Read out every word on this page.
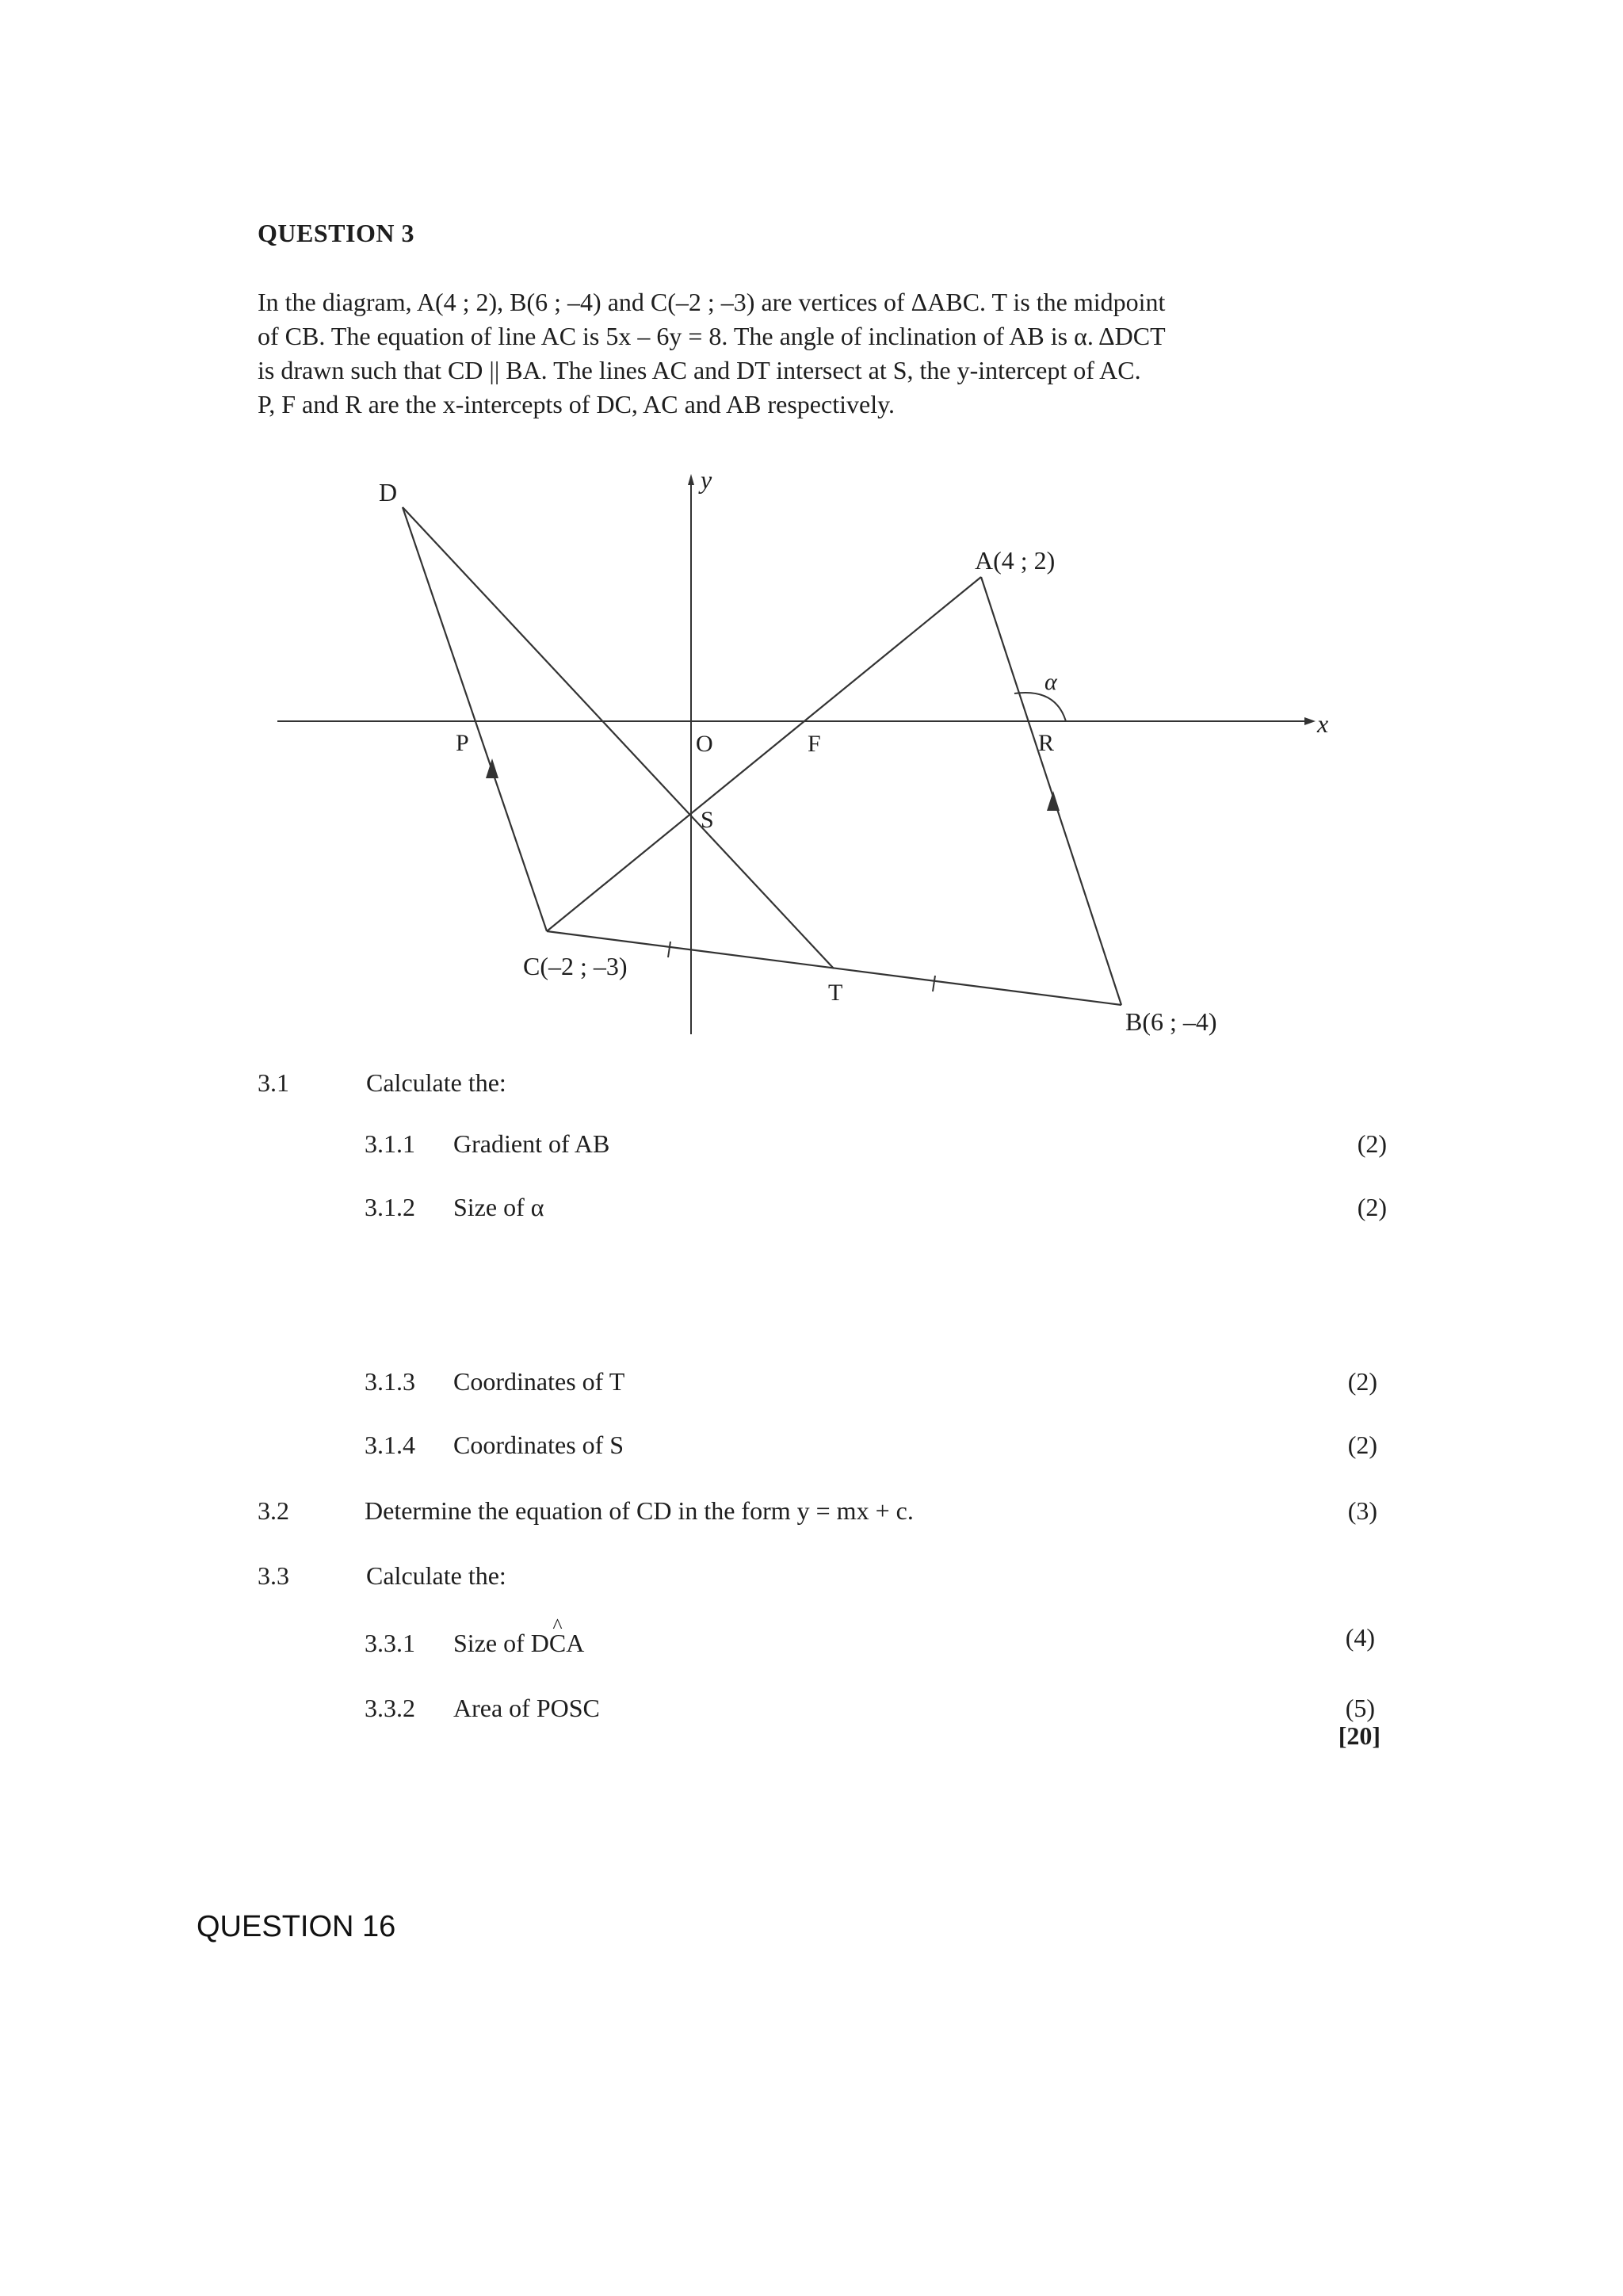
QUESTION 3

In the diagram, A(4 ; 2), B(6 ; –4) and C(–2 ; –3) are vertices of ΔABC. T is the midpoint

of CB. The equation of line AC is 5x – 6y = 8. The angle of inclination of AB is α. ΔDCT

is drawn such that CD || BA. The lines AC and DT intersect at S, the y-intercept of AC.

P, F and R are the x-intercepts of DC, AC and AB respectively.

D	y
x
A(4 ; 2)
α
P	O	F	R
S
C(–2 ; –3)
T
B(6 ; –4)
3.1	Calculate the:
3.1.1 Gradient of AB	(2)
3.1.2 Size of α	(2)
3.1.3 Coordinates of T	(2)
3.1.4 Coordinates of S	(2)
3.2	Determine the equation of CD in the form y = mx + c.	(3)
3.3	Calculate the:
3.3.1 Size of D^ CA	(4)
3.3.2 Area of POSC	(5)
[20]
QUESTION 16
